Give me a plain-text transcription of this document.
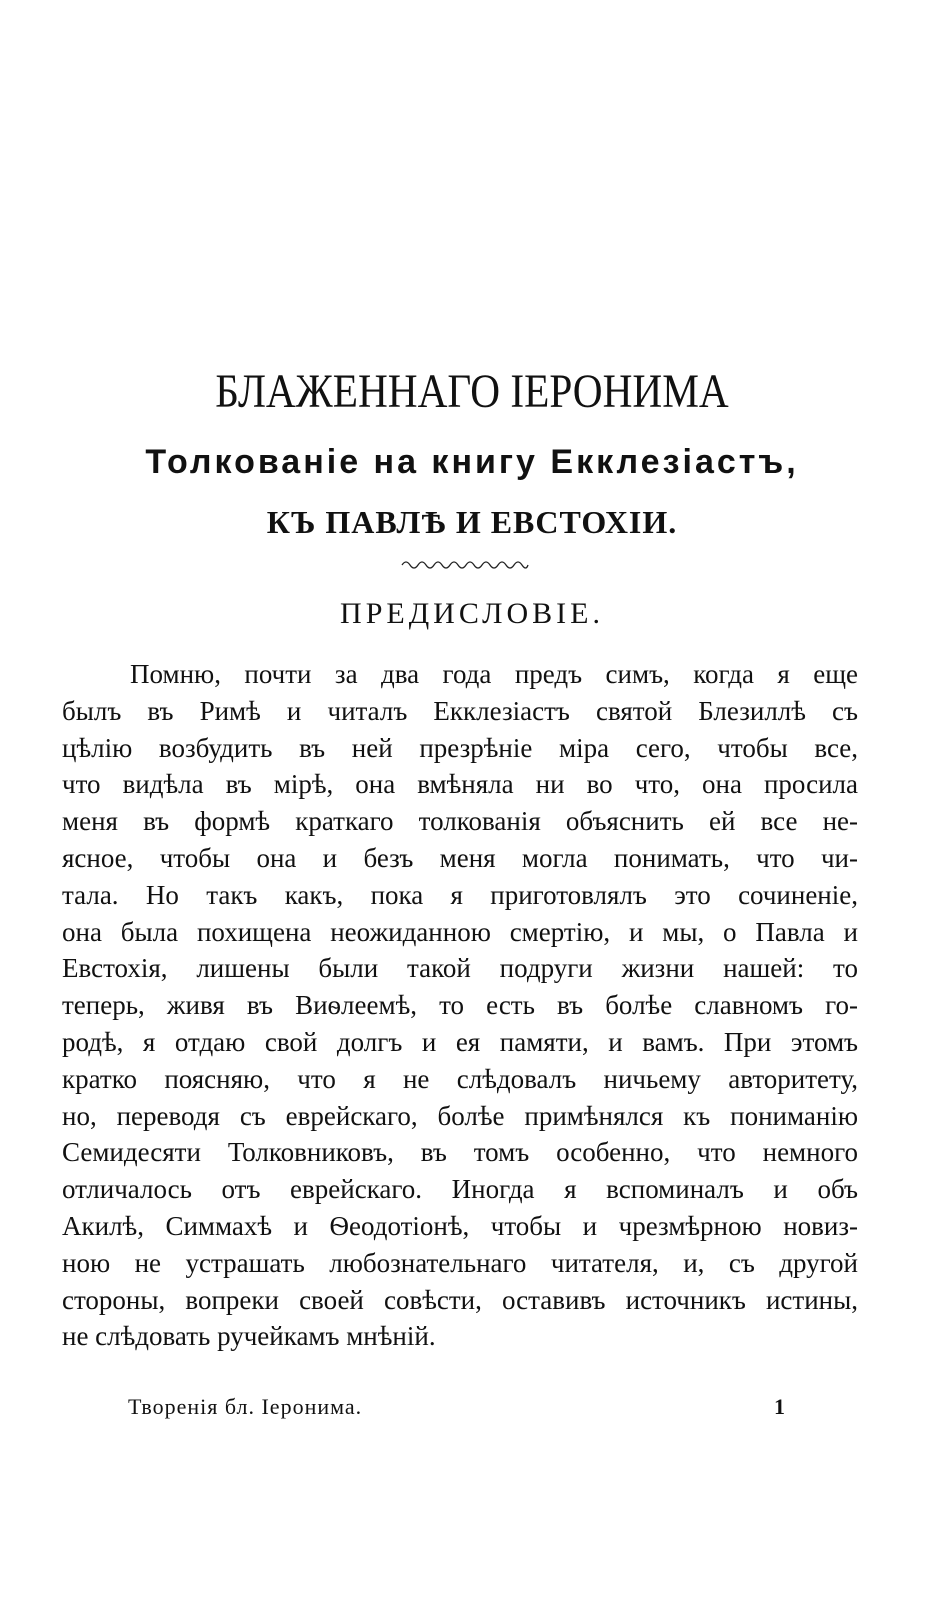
БЛАЖЕННАГО ІЕРОНИМА
Толкованіе на книгу Екклезіастъ,
КЪ ПАВЛѢ И ЕВСТОХІИ.
ПРЕДИСЛОВІЕ.
Помню, почти за два года предъ симъ, когда я еще
былъ въ Римѣ и читалъ Екклезіастъ святой Блезиллѣ съ
цѣлію возбудить въ ней презрѣніе міра сего, чтобы все,
что видѣла въ мірѣ, она вмѣняла ни во что, она просила
меня въ формѣ краткаго толкованія объяснить ей все не-
ясное, чтобы она и безъ меня могла понимать, что чи-
тала. Но такъ какъ, пока я приготовлялъ это сочиненіе,
она была похищена неожиданною смертію, и мы, о Павла и
Евстохія, лишены были такой подруги жизни нашей: то
теперь, живя въ Виѳлеемѣ, то есть въ болѣе славномъ го-
родѣ, я отдаю свой долгъ и ея памяти, и вамъ. При этомъ
кратко поясняю, что я не слѣдовалъ ничьему авторитету,
но, переводя съ еврейскаго, болѣе примѣнялся къ пониманію
Семидесяти Толковниковъ, въ томъ особенно, что немного
отличалось отъ еврейскаго. Иногда я вспоминалъ и объ
Акилѣ, Симмахѣ и Ѳеодотіонѣ, чтобы и чрезмѣрною новиз-
ною не устрашать любознательнаго читателя, и, съ другой
стороны, вопреки своей совѣсти, оставивъ источникъ истины,
не слѣдовать ручейкамъ мнѣній.
Творенія бл. Іеронима.	1
